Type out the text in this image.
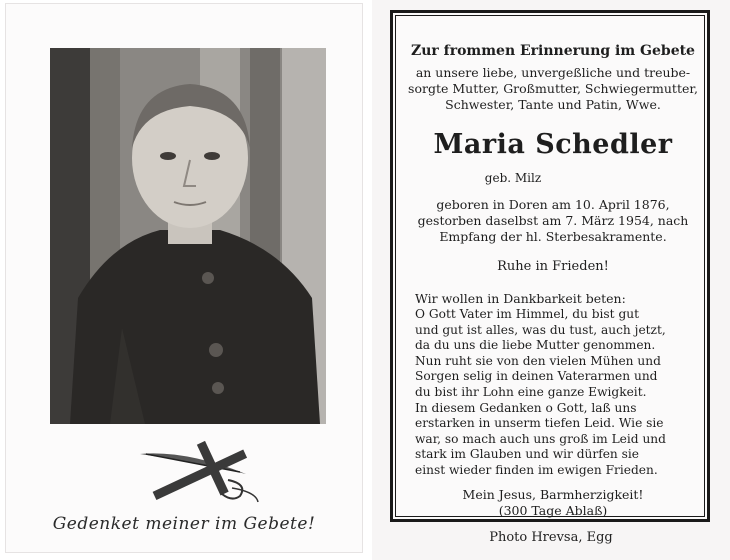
Gedenket meiner im Gebete!
Zur frommen Erinnerung im Gebete
an unsere liebe, unvergeßliche und treube-
sorgte Mutter, Großmutter, Schwiegermutter,
Schwester, Tante und Patin, Wwe.
Maria Schedler
geb. Milz
geboren in Doren am 10. April 1876,
gestorben daselbst am 7. März 1954, nach
Empfang der hl. Sterbesakramente.
Ruhe in Frieden!
Wir wollen in Dankbarkeit beten:
O Gott Vater im Himmel, du bist gut
und gut ist alles, was du tust, auch jetzt,
da du uns die liebe Mutter genommen.
Nun ruht sie von den vielen Mühen und
Sorgen selig in deinen Vaterarmen und
du bist ihr Lohn eine ganze Ewigkeit.
In diesem Gedanken o Gott, laß uns
erstarken in unserm tiefen Leid. Wie sie
war, so mach auch uns groß im Leid und
stark im Glauben und wir dürfen sie
einst wieder finden im ewigen Frieden.
Mein Jesus, Barmherzigkeit!
(300 Tage Ablaß)
Photo Hrevsa, Egg
